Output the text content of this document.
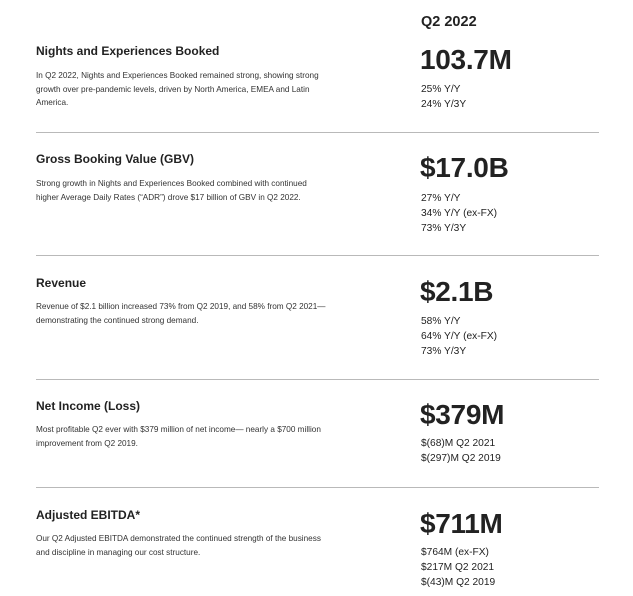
Q2 2022
Nights and Experiences Booked
In Q2 2022, Nights and Experiences Booked remained strong, showing strong growth over pre-pandemic levels, driven by North America, EMEA and Latin America.
103.7M
25% Y/Y
24% Y/3Y
Gross Booking Value (GBV)
Strong growth in Nights and Experiences Booked combined with continued higher Average Daily Rates (“ADR”) drove $17 billion of GBV in Q2 2022.
$17.0B
27% Y/Y
34% Y/Y (ex-FX)
73% Y/3Y
Revenue
Revenue of $2.1 billion increased 73% from Q2 2019, and 58% from Q2 2021—demonstrating the continued strong demand.
$2.1B
58% Y/Y
64% Y/Y (ex-FX)
73% Y/3Y
Net Income (Loss)
Most profitable Q2 ever with $379 million of net income— nearly a $700 million improvement from Q2 2019.
$379M
$(68)M Q2 2021
$(297)M Q2 2019
Adjusted EBITDA*
Our Q2 Adjusted EBITDA demonstrated the continued strength of the business and discipline in managing our cost structure.
$711M
$764M (ex-FX)
$217M Q2 2021
$(43)M Q2 2019
